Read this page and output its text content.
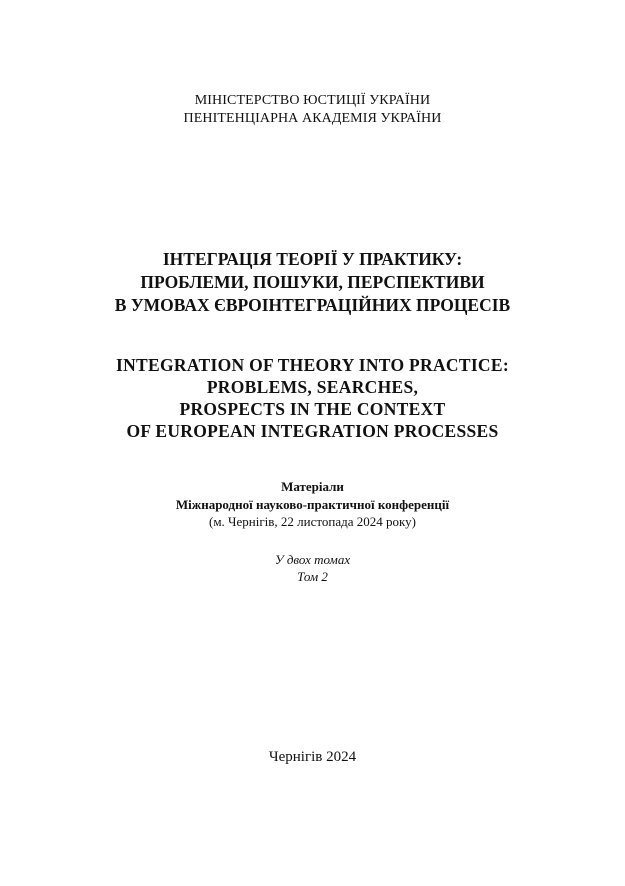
МІНІСТЕРСТВО ЮСТИЦІЇ УКРАЇНИ
ПЕНІТЕНЦІАРНА АКАДЕМІЯ УКРАЇНИ
ІНТЕГРАЦІЯ ТЕОРІЇ У ПРАКТИКУ:
ПРОБЛЕМИ, ПОШУКИ, ПЕРСПЕКТИВИ
В УМОВАХ ЄВРОІНТЕГРАЦІЙНИХ ПРОЦЕСІВ
INTEGRATION OF THEORY INTO PRACTICE:
PROBLEMS, SEARCHES,
PROSPECTS IN THE CONTEXT
OF EUROPEAN INTEGRATION PROCESSES
Матеріали
Міжнародної науково-практичної конференції
(м. Чернігів, 22 листопада 2024 року)
У двох томах
Том 2
Чернігів 2024
